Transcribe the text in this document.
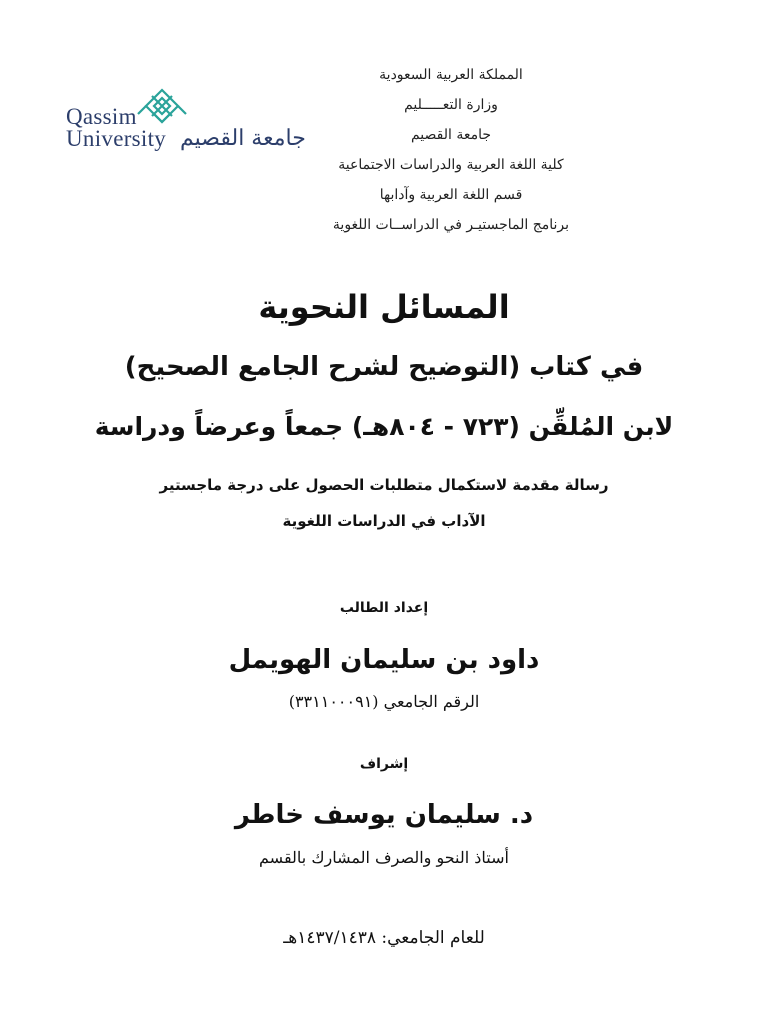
المملكة العربية السعودية
وزارة التعـــــليم
جامعة القصيم
كلية اللغة العربية والدراسات الاجتماعية
قسم اللغة العربية وآدابها
برنامج الماجستيـر في الدراســات اللغوية
Qassim
University جامعة القصيم
المسائل النحوية
في كتاب (التوضيح لشرح الجامع الصحيح)
لابن المُلقِّن (٧٢٣ - ٨٠٤هـ) جمعاً وعرضاً ودراسة
رسالة مقدمة لاستكمال متطلبات الحصول على درجة ماجستير
الآداب في الدراسات اللغوية
إعداد الطالب
داود بن سليمان الهويمل
الرقم الجامعي (٣٣١١٠٠٠٩١)
إشراف
د. سليمان يوسف خاطر
أستاذ النحو والصرف المشارك بالقسم
للعام الجامعي: ١٤٣٧/١٤٣٨هـ
